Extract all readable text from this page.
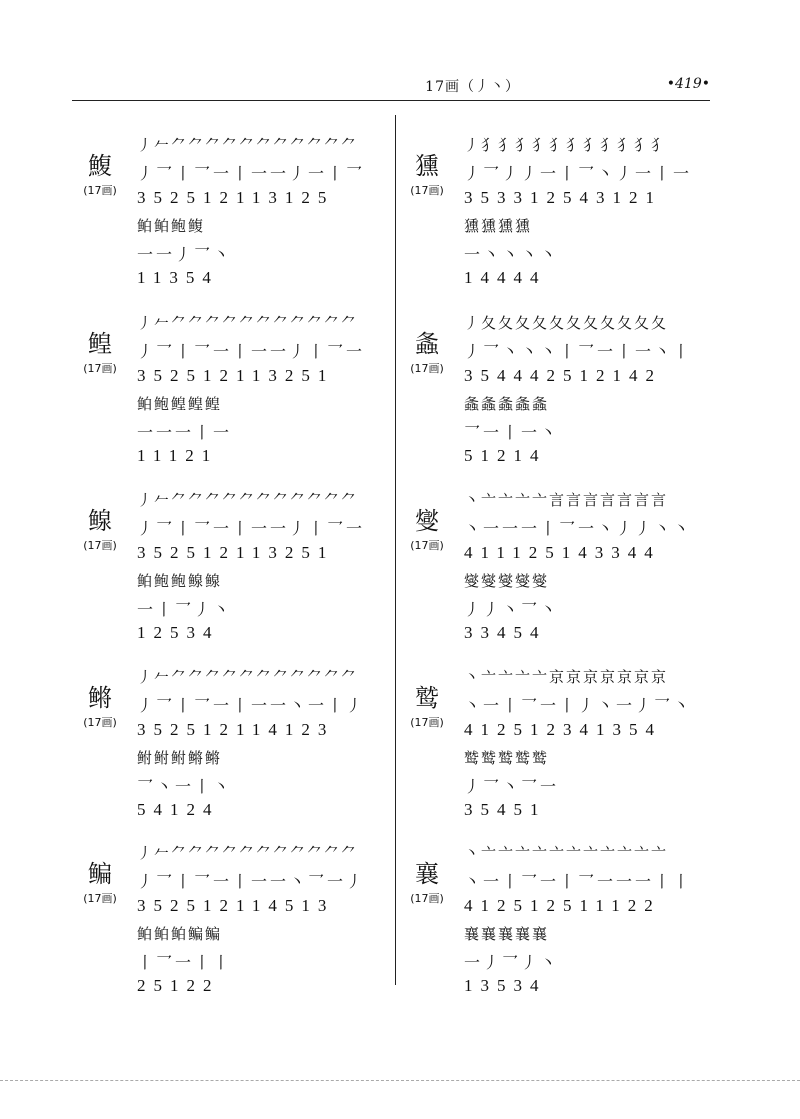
17画（丿丶）	•419•
鰒
(17画)
丿𠂉⺈⺈⺈⺈⺈⺈⺈⺈⺈⺈⺈
丿乛丨乛一丨一一丿一丨乛
352512113125
鲌鲌鲍鳆
一一丿乛丶
11354
鳇
(17画)
丿𠂉⺈⺈⺈⺈⺈⺈⺈⺈⺈⺈⺈
丿乛丨乛一丨一一丿丨乛一
352512113251
鲌鲍鳇鳇鳇
一一一丨一
11121
鳈
(17画)
丿𠂉⺈⺈⺈⺈⺈⺈⺈⺈⺈⺈⺈
丿乛丨乛一丨一一丿丨乛一
352512113251
鲌鲍鲍鳈鳈
一丨乛丿丶
12534
鳉
(17画)
丿𠂉⺈⺈⺈⺈⺈⺈⺈⺈⺈⺈⺈
丿乛丨乛一丨一一丶一丨丿
352512114123
鲋鲋鲋鳉鳉
乛丶一丨丶
54124
鳊
(17画)
丿𠂉⺈⺈⺈⺈⺈⺈⺈⺈⺈⺈⺈
丿乛丨乛一丨一一丶乛一丿
352512114513
鲌鲌鲌鳊鳊
丨乛一丨丨
25122
獯
(17画)
丿犭犭犭犭犭犭犭犭犭犭犭
丿乛丿丿一丨乛丶丿一丨一
353312543121
獯獯獯獯
一丶丶丶丶
14444
螽
(17画)
丿夂夂夂夂夂夂夂夂夂夂夂
丿乛丶丶丶丨乛一丨一丶丨
354442512142
螽螽螽螽螽
乛一丨一丶
51214
燮
(17画)
丶亠亠亠亠言言言言言言言
丶一一一丨乛一丶丿丿丶丶
411125143344
燮燮燮燮燮
丿丿丶乛丶
33454
鹫
(17画)
丶亠亠亠亠京京京京京京京
丶一丨乛一丨丿丶一丿乛丶
412512341354
鹫鹫鹫鹫鹫
丿乛丶乛一
35451
襄
(17画)
丶亠亠亠亠亠亠亠亠亠亠亠
丶一丨乛一丨乛一一一丨丨
412512511122
襄襄襄襄襄
一丿乛丿丶
13534
